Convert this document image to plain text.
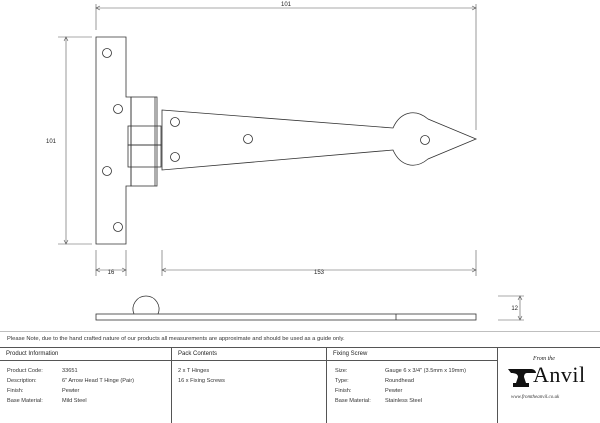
101
101
16	153
12
Please Note, due to the hand crafted nature of our products all measurements are approximate and should be used as a guide only.
Product Information
Product Code:	33651
Description:	6" Arrow Head T Hinge (Pair)
Finish:	Pewter
Base Material:	Mild Steel
Pack Contents
2 x T Hinges
16 x Fixing Screws
Fixing Screw
Size:	Gauge 6 x 3/4" (3.5mm x 19mm)
Type:	Roundhead
Finish:	Pewter
Base Material:	Stainless Steel
From the
Anvil
www.fromtheanvil.co.uk
